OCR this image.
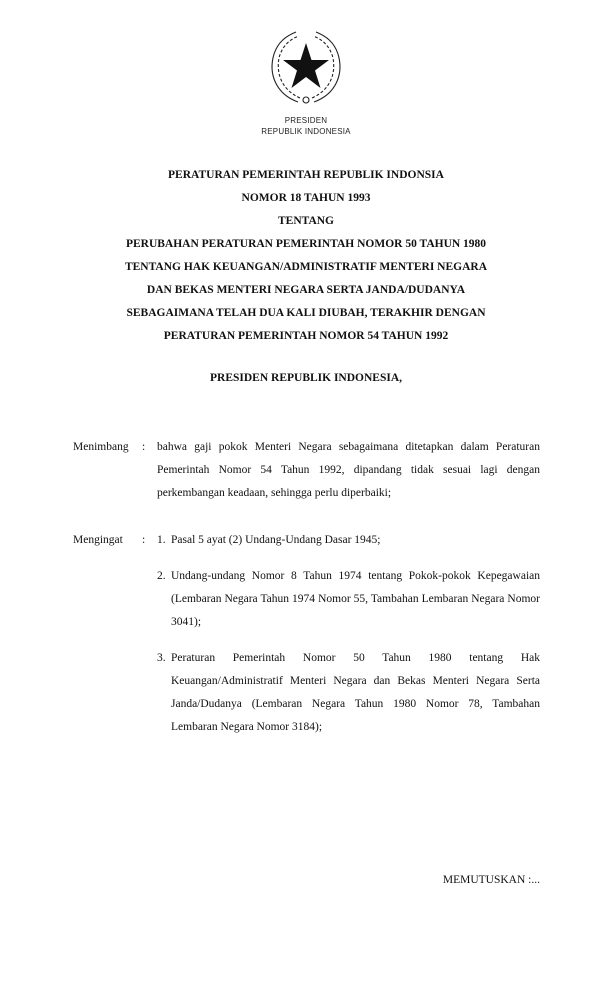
PRESIDEN
REPUBLIK INDONESIA
PERATURAN PEMERINTAH REPUBLIK INDONSIA
NOMOR 18 TAHUN 1993
TENTANG
PERUBAHAN PERATURAN PEMERINTAH NOMOR 50 TAHUN 1980
TENTANG HAK KEUANGAN/ADMINISTRATIF MENTERI NEGARA
DAN BEKAS MENTERI NEGARA SERTA JANDA/DUDANYA
SEBAGAIMANA TELAH DUA KALI DIUBAH, TERAKHIR DENGAN
PERATURAN PEMERINTAH NOMOR 54 TAHUN 1992
PRESIDEN REPUBLIK INDONESIA,
Menimbang : bahwa gaji pokok Menteri Negara sebagaimana ditetapkan dalam Peraturan Pemerintah Nomor 54 Tahun 1992, dipandang tidak sesuai lagi dengan perkembangan keadaan, sehingga perlu diperbaiki;
Mengingat : 1. Pasal 5 ayat (2) Undang-Undang Dasar 1945;
2. Undang-undang Nomor 8 Tahun 1974 tentang Pokok-pokok Kepegawaian (Lembaran Negara Tahun 1974 Nomor 55, Tambahan Lembaran Negara Nomor 3041);
3. Peraturan Pemerintah Nomor 50 Tahun 1980 tentang Hak Keuangan/Administratif Menteri Negara dan Bekas Menteri Negara Serta Janda/Dudanya (Lembaran Negara Tahun 1980 Nomor 78, Tambahan Lembaran Negara Nomor 3184);
MEMUTUSKAN :...
